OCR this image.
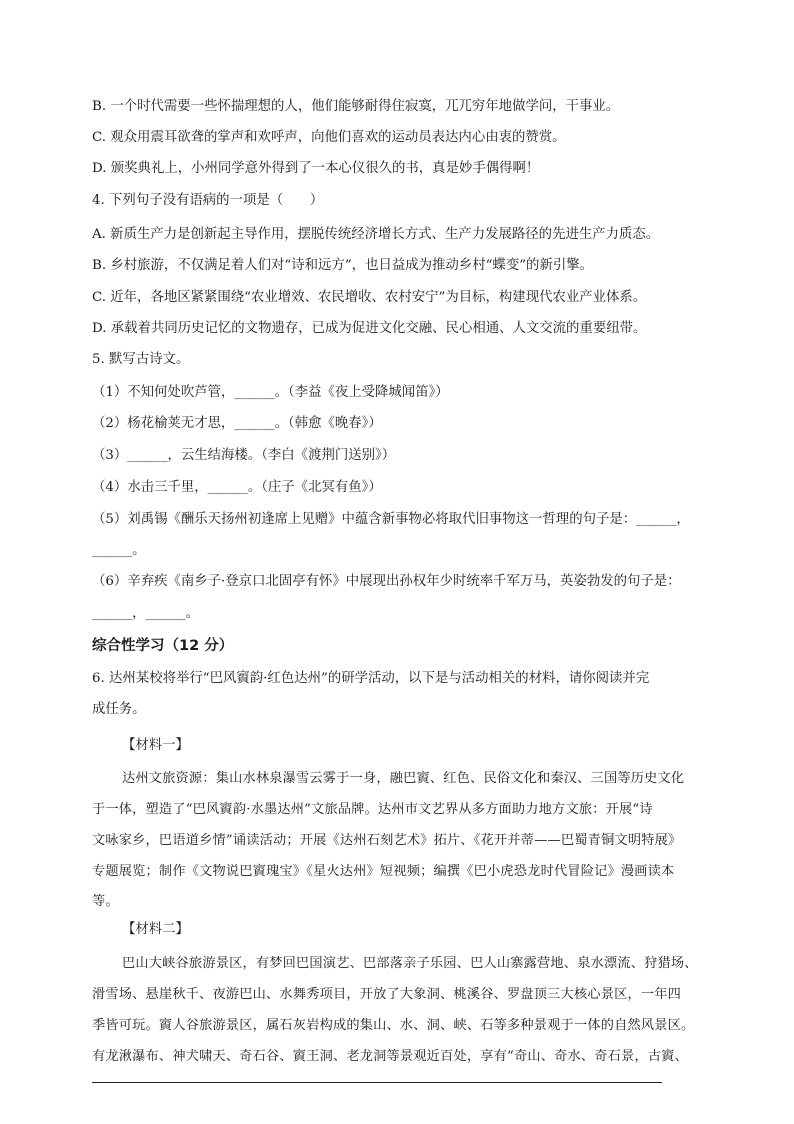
B. 一个时代需要一些怀揣理想的人，他们能够耐得住寂寞，兀兀穷年地做学问，干事业。
C. 观众用震耳欲聋的掌声和欢呼声，向他们喜欢的运动员表达内心由衷的赞赏。
D. 颁奖典礼上，小州同学意外得到了一本心仪很久的书，真是妙手偶得啊！
4. 下列句子没有语病的一项是（　　）
A. 新质生产力是创新起主导作用，摆脱传统经济增长方式、生产力发展路径的先进生产力质态。
B. 乡村旅游，不仅满足着人们对“诗和远方”，也日益成为推动乡村“蝶变”的新引擎。
C. 近年，各地区紧紧围绕“农业增效、农民增收、农村安宁”为目标，构建现代农业产业体系。
D. 承载着共同历史记忆的文物遗存，已成为促进文化交融、民心相通、人文交流的重要纽带。
5. 默写古诗文。
（1）不知何处吹芦管，______。（李益《夜上受降城闻笛》）
（2）杨花榆荚无才思，______。（韩愈《晚春》）
（3）______，云生结海楼。（李白《渡荆门送别》）
（4）水击三千里，______。（庄子《北冥有鱼》）
（5）刘禹锡《酬乐天扬州初逢席上见赠》中蕴含新事物必将取代旧事物这一哲理的句子是：______，
______。
（6）辛弃疾《南乡子·登京口北固亭有怀》中展现出孙权年少时统率千军万马，英姿勃发的句子是：
______，______。
综合性学习（12 分）
6. 达州某校将举行“巴风賨韵·红色达州”的研学活动，以下是与活动相关的材料，请你阅读并完
成任务。
【材料一】
达州文旅资源：集山水林泉瀑雪云雾于一身，融巴賨、红色、民俗文化和秦汉、三国等历史文化
于一体，塑造了“巴风賨韵·水墨达州”文旅品牌。达州市文艺界从多方面助力地方文旅：开展“诗
文咏家乡，巴语道乡情”诵读活动；开展《达州石刻艺术》拓片、《花开并蒂——巴蜀青铜文明特展》
专题展览；制作《文物说巴賨瑰宝》《星火达州》短视频；编撰《巴小虎恐龙时代冒险记》漫画读本
等。
【材料二】
巴山大峡谷旅游景区，有梦回巴国演艺、巴部落亲子乐园、巴人山寨露营地、泉水漂流、狩猎场、
滑雪场、悬崖秋千、夜游巴山、水舞秀项目，开放了大象洞、桃溪谷、罗盘顶三大核心景区，一年四
季皆可玩。賨人谷旅游景区，属石灰岩构成的集山、水、洞、峡、石等多种景观于一体的自然风景区。
有龙湫瀑布、神犬啸天、奇石谷、賨王洞、老龙洞等景观近百处，享有“奇山、奇水、奇石景，古賨、
